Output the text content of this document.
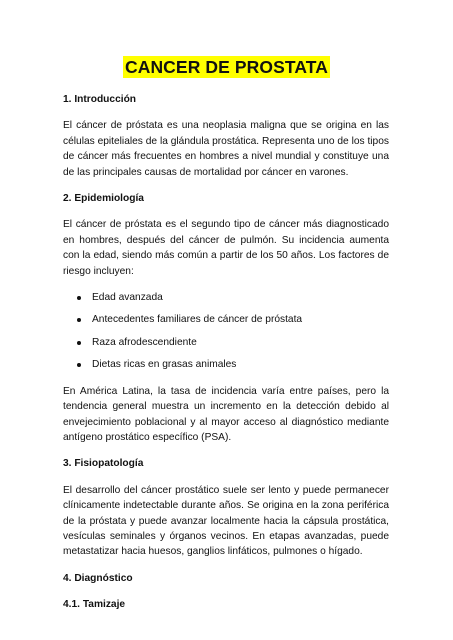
CANCER DE PROSTATA
1. Introducción
El cáncer de próstata es una neoplasia maligna que se origina en las células epiteliales de la glándula prostática. Representa uno de los tipos de cáncer más frecuentes en hombres a nivel mundial y constituye una de las principales causas de mortalidad por cáncer en varones.
2. Epidemiología
El cáncer de próstata es el segundo tipo de cáncer más diagnosticado en hombres, después del cáncer de pulmón. Su incidencia aumenta con la edad, siendo más común a partir de los 50 años. Los factores de riesgo incluyen:
Edad avanzada
Antecedentes familiares de cáncer de próstata
Raza afrodescendiente
Dietas ricas en grasas animales
En América Latina, la tasa de incidencia varía entre países, pero la tendencia general muestra un incremento en la detección debido al envejecimiento poblacional y al mayor acceso al diagnóstico mediante antígeno prostático específico (PSA).
3. Fisiopatología
El desarrollo del cáncer prostático suele ser lento y puede permanecer clínicamente indetectable durante años. Se origina en la zona periférica de la próstata y puede avanzar localmente hacia la cápsula prostática, vesículas seminales y órganos vecinos. En etapas avanzadas, puede metastatizar hacia huesos, ganglios linfáticos, pulmones o hígado.
4. Diagnóstico
4.1. Tamizaje
